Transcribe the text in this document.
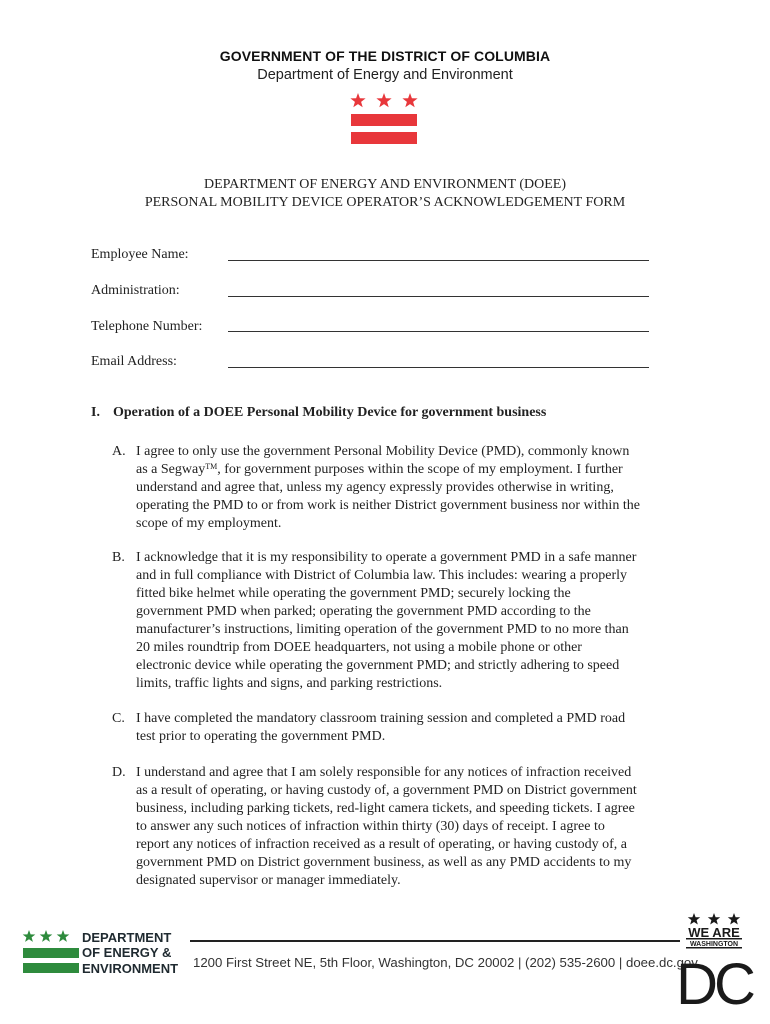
GOVERNMENT OF THE DISTRICT OF COLUMBIA
Department of Energy and Environment
DEPARTMENT OF ENERGY AND ENVIRONMENT (DOEE)
PERSONAL MOBILITY DEVICE OPERATOR’S ACKNOWLEDGEMENT FORM
Employee Name:
Administration:
Telephone Number:
Email Address:
I. Operation of a DOEE Personal Mobility Device for government business
A. I agree to only use the government Personal Mobility Device (PMD), commonly known
as a Segway™, for government purposes within the scope of my employment. I further
understand and agree that, unless my agency expressly provides otherwise in writing,
operating the PMD to or from work is neither District government business nor within the
scope of my employment.
B. I acknowledge that it is my responsibility to operate a government PMD in a safe manner
and in full compliance with District of Columbia law. This includes: wearing a properly
fitted bike helmet while operating the government PMD; securely locking the
government PMD when parked; operating the government PMD according to the
manufacturer’s instructions, limiting operation of the government PMD to no more than
20 miles roundtrip from DOEE headquarters, not using a mobile phone or other
electronic device while operating the government PMD; and strictly adhering to speed
limits, traffic lights and signs, and parking restrictions.
C. I have completed the mandatory classroom training session and completed a PMD road
test prior to operating the government PMD.
D. I understand and agree that I am solely responsible for any notices of infraction received
as a result of operating, or having custody of, a government PMD on District government
business, including parking tickets, red-light camera tickets, and speeding tickets. I agree
to answer any such notices of infraction within thirty (30) days of receipt. I agree to
report any notices of infraction received as a result of operating, or having custody of, a
government PMD on District government business, as well as any PMD accidents to my
designated supervisor or manager immediately.
DEPARTMENT
OF ENERGY &
ENVIRONMENT 1200 First Street NE, 5th Floor, Washington, DC 20002 | (202) 535-2600 | doee.dc.gov
WE ARE
WASHINGTON
DC
